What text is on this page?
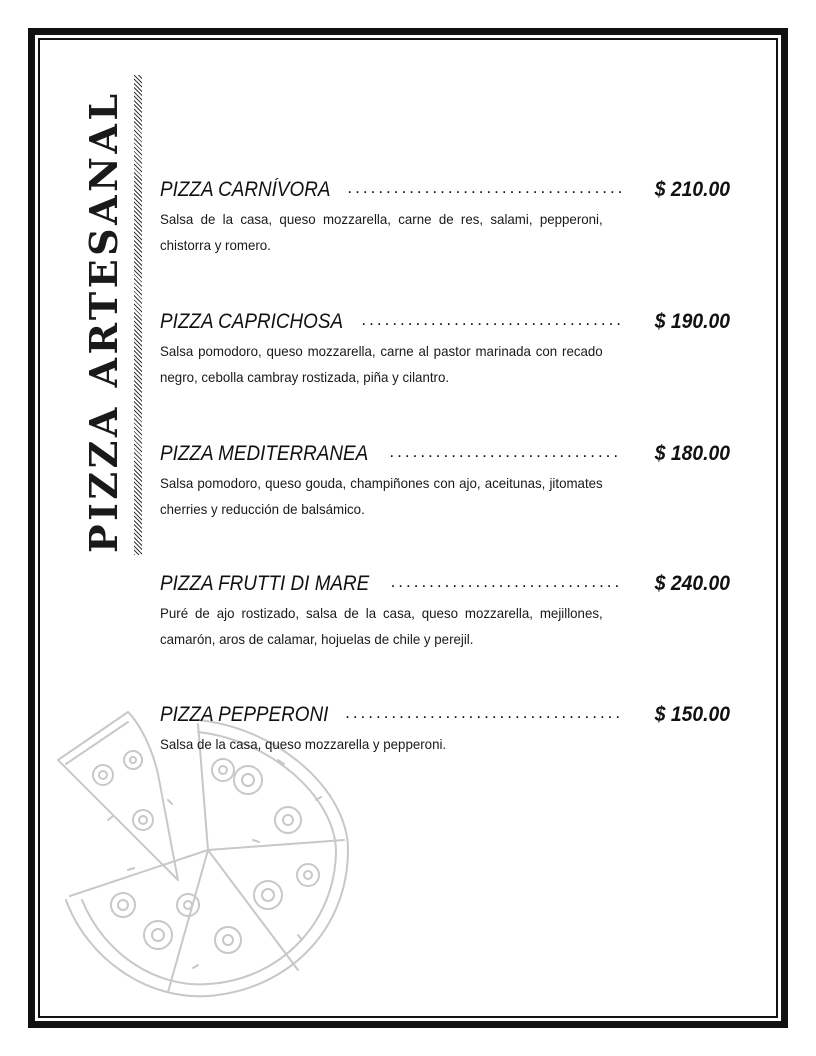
PIZZA ARTESANAL PIZZA CARNÍVORA .....	$ 210.00
Salsa de la casa, queso mozzarella, carne de res, salami, pepperoni, chistorra y romero.
PIZZA CAPRICHOSA .....	$ 190.00
Salsa pomodoro, queso mozzarella, carne al pastor marinada con recado negro, cebolla cambray rostizada, piña y cilantro.
PIZZA MEDITERRANEA .....	$ 180.00
Salsa pomodoro, queso gouda, champiñones con ajo, aceitunas, jitomates cherries y reducción de balsámico.
PIZZA FRUTTI DI MARE .....	$ 240.00
Puré de ajo rostizado, salsa de la casa, queso mozzarella, mejillones, camarón, aros de calamar, hojuelas de chile y perejil.
PIZZA PEPPERONI .....	$ 150.00
Salsa de la casa, queso mozzarella y pepperoni.
